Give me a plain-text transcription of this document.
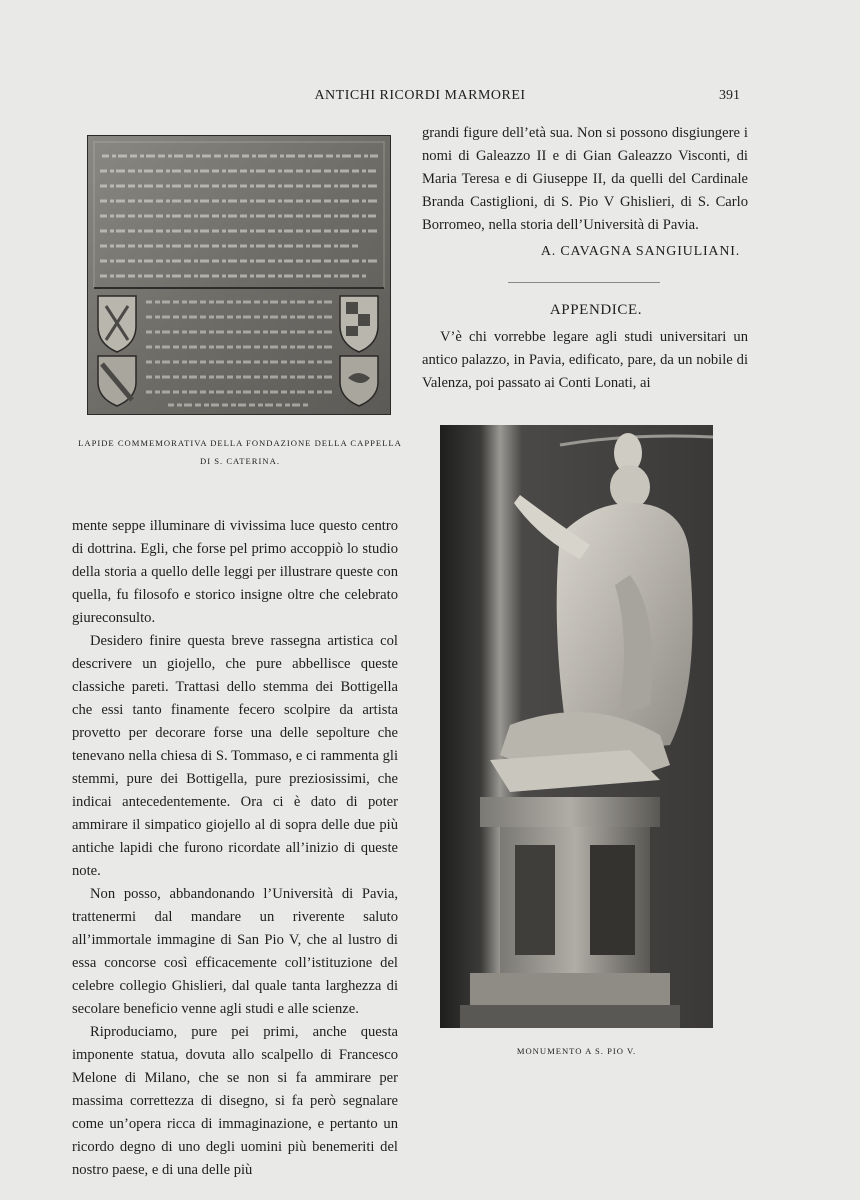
ANTICHI RICORDI MARMOREI	391
LAPIDE COMMEMORATIVA DELLA FONDAZIONE DELLA CAPPELLA
DI S. CATERINA.

grandi figure dell’età sua. Non si possono disgiungere i nomi di Galeazzo II e di Gian Galeazzo Visconti, di Maria Teresa e di Giuseppe II, da quelli del Cardinale Branda Castiglioni, di S. Pio V Ghislieri, di S. Carlo Borromeo, nella storia dell’Università di Pavia.

A. CAVAGNA SANGIULIANI.
APPENDICE.

V’è chi vorrebbe legare agli studi universitari un antico palazzo, in Pavia, edificato, pare, da un nobile di Valenza, poi passato ai Conti Lonati, ai

MONUMENTO A S. PIO V.

mente seppe illuminare di vivissima luce questo centro di dottrina. Egli, che forse pel primo accoppiò lo studio della storia a quello delle leggi per illustrare queste con quella, fu filosofo e storico insigne oltre che celebrato giureconsulto.

Desidero finire questa breve rassegna artistica col descrivere un giojello, che pure abbellisce queste classiche pareti. Trattasi dello stemma dei Bottigella che essi tanto finamente fecero scolpire da artista provetto per decorare forse una delle sepolture che tenevano nella chiesa di S. Tommaso, e ci rammenta gli stemmi, pure dei Bottigella, pure preziosissimi, che indicai antecedentemente. Ora ci è dato di poter ammirare il simpatico giojello al di sopra delle due più antiche lapidi che furono ricordate all’inizio di queste note.

Non posso, abbandonando l’Università di Pavia, trattenermi dal mandare un riverente saluto all’immortale immagine di San Pio V, che al lustro di essa concorse così efficacemente coll’istituzione del celebre collegio Ghislieri, dal quale tanta larghezza di secolare beneficio venne agli studi e alle scienze.

Riproduciamo, pure pei primi, anche questa imponente statua, dovuta allo scalpello di Francesco Melone di Milano, che se non si fa ammirare per massima correttezza di disegno, si fa però segnalare come un’opera ricca di immaginazione, e pertanto un ricordo degno di uno degli uomini più benemeriti del nostro paese, e di una delle più
